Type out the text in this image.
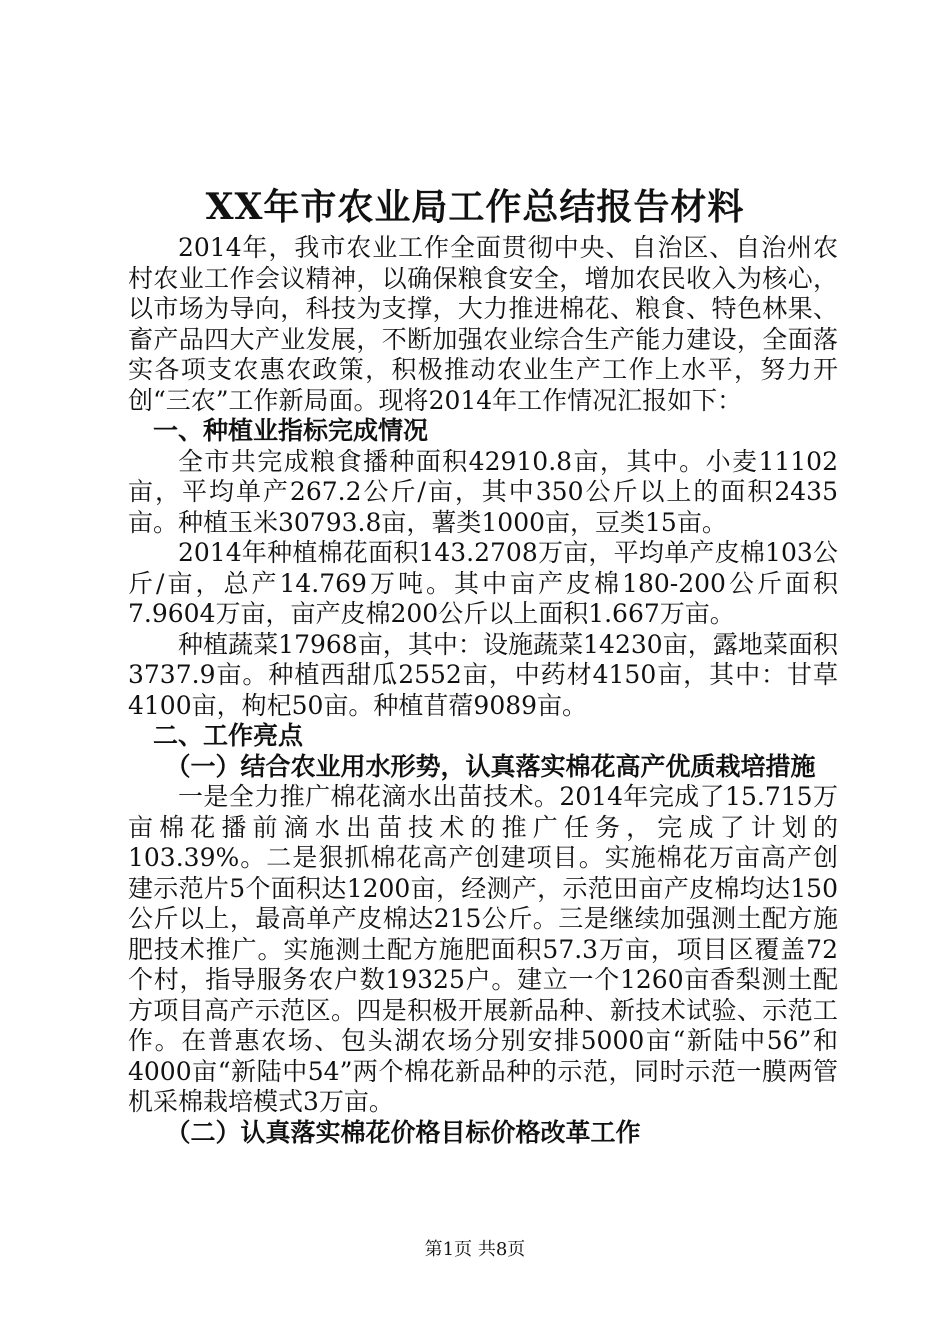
XX年市农业局工作总结报告材料

2014年，我市农业工作全面贯彻中央、自治区、自治州农村农业工作会议精神，以确保粮食安全，增加农民收入为核心，以市场为导向，科技为支撑，大力推进棉花、粮食、特色林果、畜产品四大产业发展，不断加强农业综合生产能力建设，全面落实各项支农惠农政策，积极推动农业生产工作上水平，努力开创“三农”工作新局面。现将2014年工作情况汇报如下：

一、种植业指标完成情况

全市共完成粮食播种面积42910.8亩，其中。小麦11102亩，平均单产267.2公斤/亩，其中350公斤以上的面积2435亩。种植玉米30793.8亩，薯类1000亩，豆类15亩。

2014年种植棉花面积143.2708万亩，平均单产皮棉103公斤/亩，总产14.769万吨。其中亩产皮棉180-200公斤面积7.9604万亩，亩产皮棉200公斤以上面积1.667万亩。

种植蔬菜17968亩，其中：设施蔬菜14230亩，露地菜面积3737.9亩。种植西甜瓜2552亩，中药材4150亩，其中：甘草4100亩，枸杞50亩。种植苜蓿9089亩。

二、工作亮点
（一）结合农业用水形势，认真落实棉花高产优质栽培措施

一是全力推广棉花滴水出苗技术。2014年完成了15.715万亩棉花播前滴水出苗技术的推广任务，完成了计划的103.39%。二是狠抓棉花高产创建项目。实施棉花万亩高产创建示范片5个面积达1200亩，经测产，示范田亩产皮棉均达150公斤以上，最高单产皮棉达215公斤。三是继续加强测土配方施肥技术推广。实施测土配方施肥面积57.3万亩，项目区覆盖72个村，指导服务农户数19325户。建立一个1260亩香梨测土配方项目高产示范区。四是积极开展新品种、新技术试验、示范工作。在普惠农场、包头湖农场分别安排5000亩“新陆中56”和4000亩“新陆中54”两个棉花新品种的示范，同时示范一膜两管机采棉栽培模式3万亩。

（二）认真落实棉花价格目标价格改革工作
第1页 共8页
